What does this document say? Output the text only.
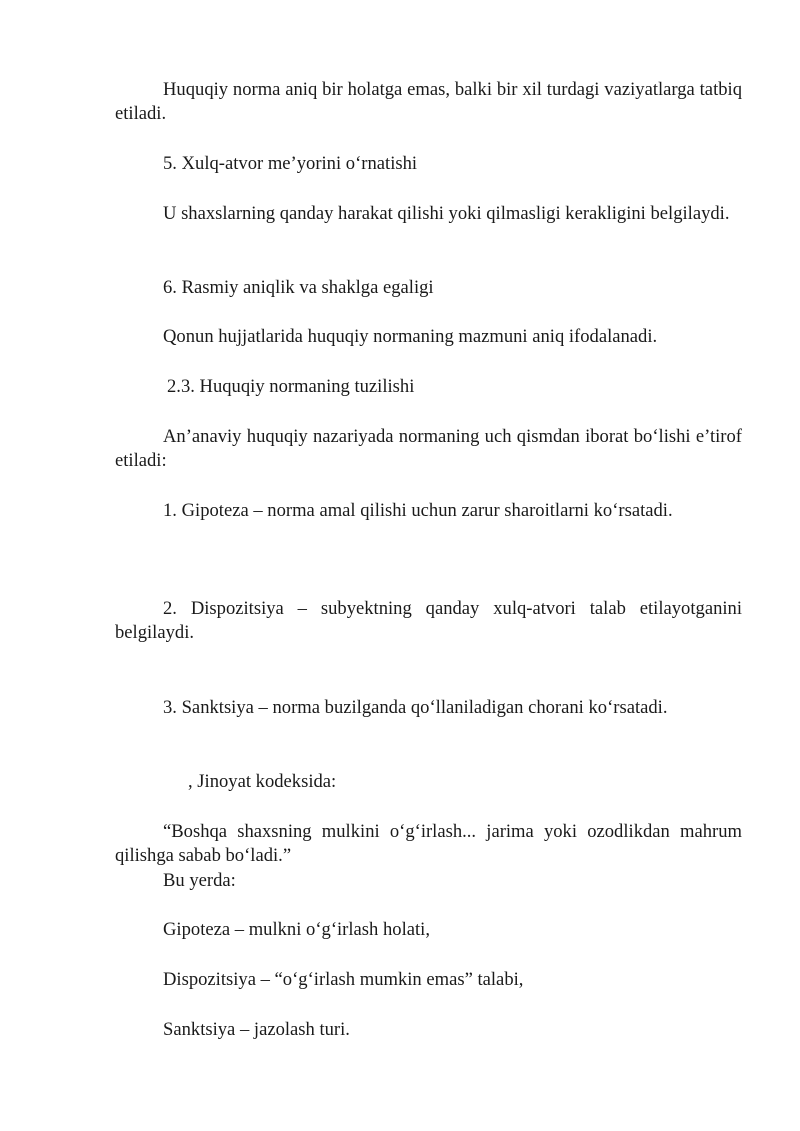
Huquqiy norma aniq bir holatga emas, balki bir xil turdagi vaziyatlarga tatbiq etiladi.

5. Xulq-atvor me’yorini o‘rnatishi

U shaxslarning qanday harakat qilishi yoki qilmasligi kerakligini belgilaydi.

6. Rasmiy aniqlik va shaklga egaligi

Qonun hujjatlarida huquqiy normaning mazmuni aniq ifodalanadi.

2.3. Huquqiy normaning tuzilishi

An’anaviy huquqiy nazariyada normaning uch qismdan iborat bo‘lishi e’tirof etiladi:

1. Gipoteza – norma amal qilishi uchun zarur sharoitlarni ko‘rsatadi.

2. Dispozitsiya – subyektning qanday xulq-atvori talab etilayotganini belgilaydi.

3. Sanktsiya – norma buzilganda qo‘llaniladigan chorani ko‘rsatadi.

, Jinoyat kodeksida:

“Boshqa shaxsning mulkini o‘g‘irlash... jarima yoki ozodlikdan mahrum qilishga sabab bo‘ladi.”

Bu yerda:

Gipoteza – mulkni o‘g‘irlash holati,

Dispozitsiya – “o‘g‘irlash mumkin emas” talabi,

Sanktsiya – jazolash turi.
